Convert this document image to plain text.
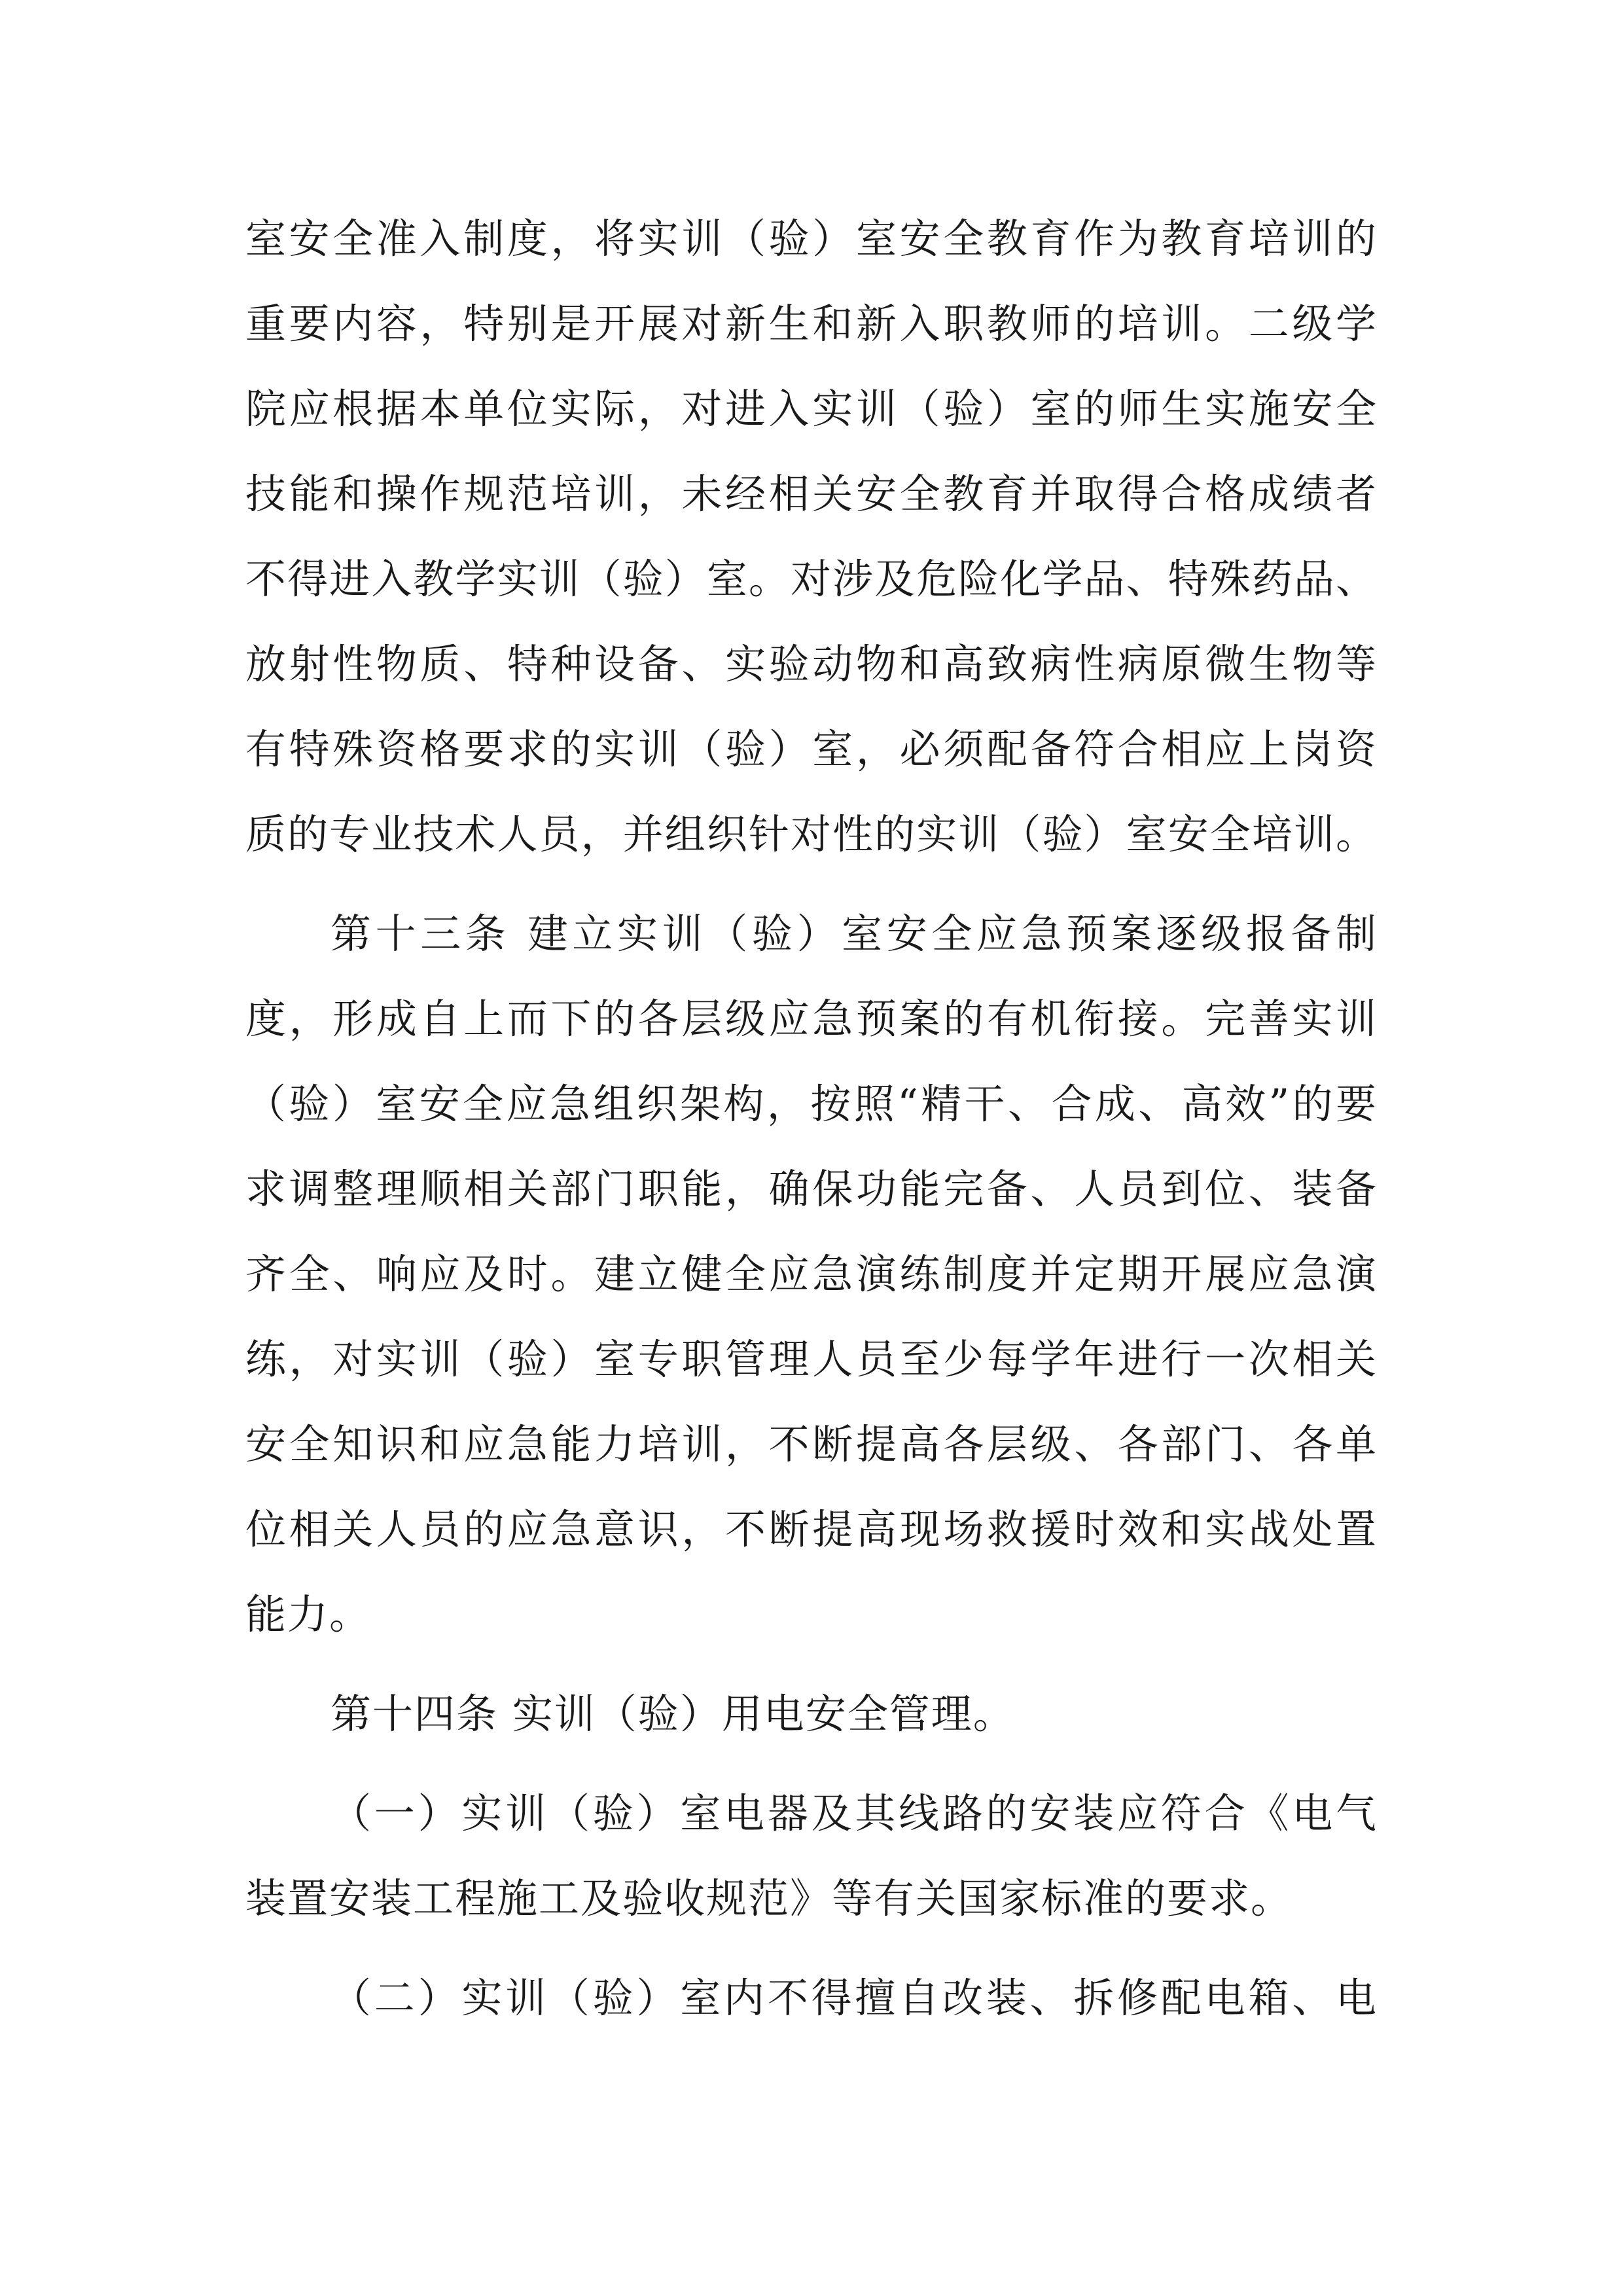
室安全准入制度，将实训（验）室安全教育作为教育培训的
重要内容，特别是开展对新生和新入职教师的培训。二级学
院应根据本单位实际，对进入实训（验）室的师生实施安全
技能和操作规范培训，未经相关安全教育并取得合格成绩者
不得进入教学实训（验）室。对涉及危险化学品、特殊药品、
放射性物质、特种设备、实验动物和高致病性病原微生物等
有特殊资格要求的实训（验）室，必须配备符合相应上岗资
质的专业技术人员，并组织针对性的实训（验）室安全培训。
第十三条 建立实训（验）室安全应急预案逐级报备制
度，形成自上而下的各层级应急预案的有机衔接。完善实训
（验）室安全应急组织架构，按照“精干、合成、高效”的要
求调整理顺相关部门职能，确保功能完备、人员到位、装备
齐全、响应及时。建立健全应急演练制度并定期开展应急演
练，对实训（验）室专职管理人员至少每学年进行一次相关
安全知识和应急能力培训，不断提高各层级、各部门、各单
位相关人员的应急意识，不断提高现场救援时效和实战处置
能力。
第十四条 实训（验）用电安全管理。
（一）实训（验）室电器及其线路的安装应符合《电气
装置安装工程施工及验收规范》等有关国家标准的要求。
（二）实训（验）室内不得擅自改装、拆修配电箱、电
